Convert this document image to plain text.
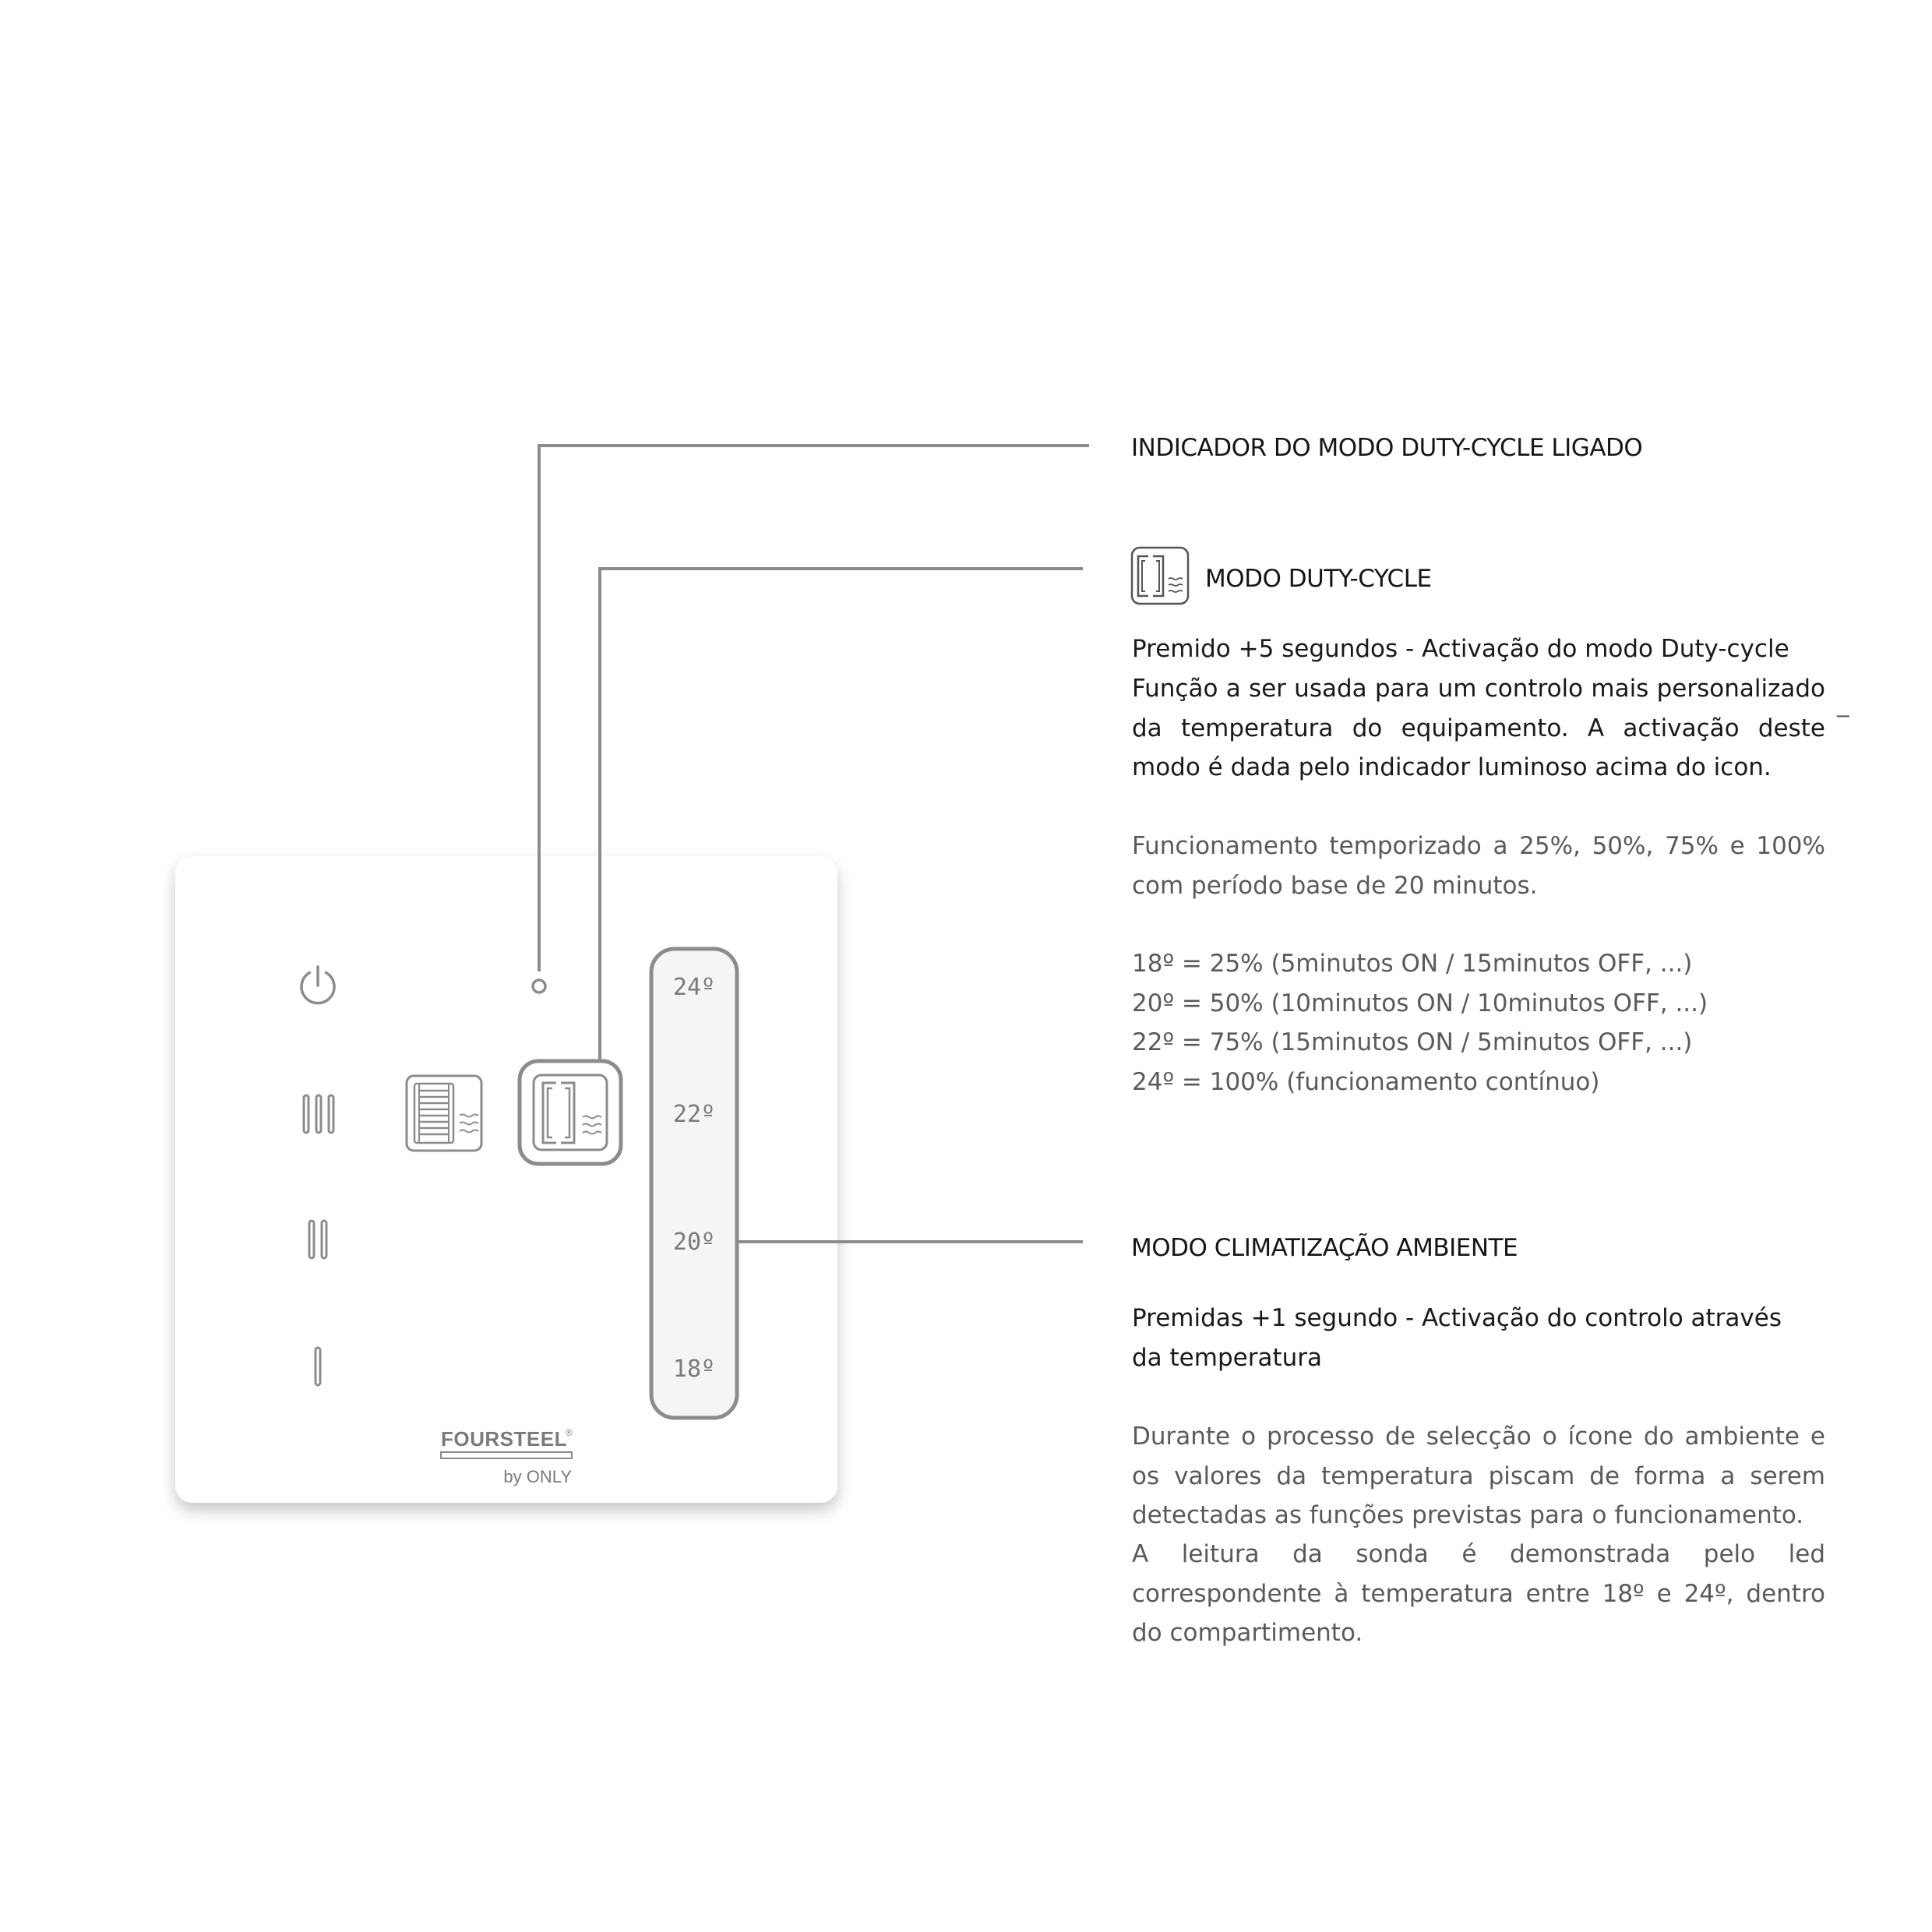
24º
22º
20º
18º
FOURSTEEL
®
by ONLY

INDICADOR DO MODO DUTY-CYCLE LIGADO

MODO DUTY-CYCLE

Premido +5 segundos - Activação do modo Duty-cycle

Função a ser usada para um controlo mais personalizado da temperatura do equipamento. A activação deste modo é dada pelo indicador luminoso acima do icon.

_

Funcionamento temporizado a 25%, 50%, 75% e 100% com período base de 20 minutos.

18º = 25% (5minutos ON / 15minutos OFF, ...)

20º = 50% (10minutos ON / 10minutos OFF, ...)

22º = 75% (15minutos ON / 5minutos OFF, ...)

24º = 100% (funcionamento contínuo)

MODO CLIMATIZAÇÃO AMBIENTE

Premidas +1 segundo - Activação do controlo através da temperatura

Durante o processo de selecção o ícone do ambiente e os valores da temperatura piscam de forma a serem detectadas as funções previstas para o funcionamento.

A leitura da sonda é demonstrada pelo led correspondente à temperatura entre 18º e 24º, dentro do compartimento.
